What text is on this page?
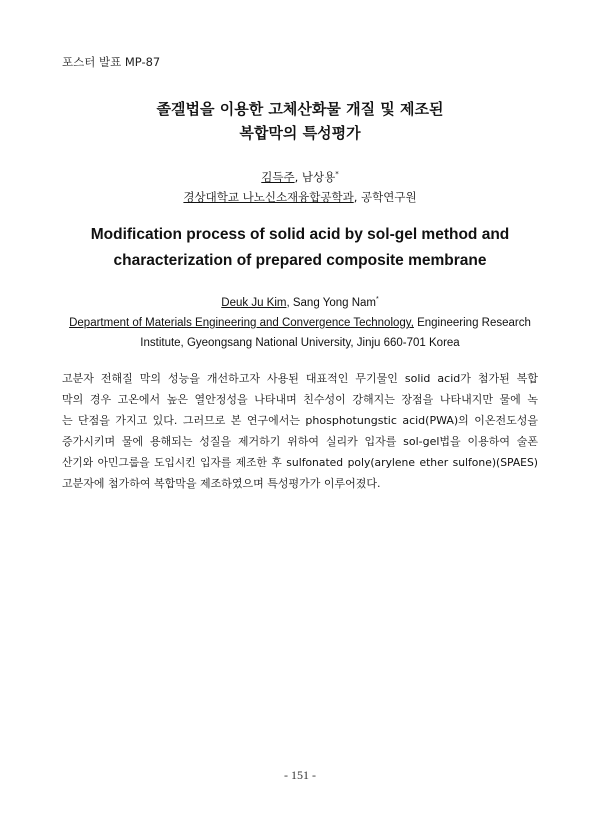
포스터 발표 MP-87
졸겔법을 이용한 고체산화물 개질 및 제조된
복합막의 특성평가
김득주, 남상용*
경상대학교 나노신소재융합공학과, 공학연구원
Modification process of solid acid by sol-gel method and
characterization of prepared composite membrane
Deuk Ju Kim, Sang Yong Nam*
Department of Materials Engineering and Convergence Technology, Engineering Research
Institute, Gyeongsang National University, Jinju 660-701 Korea
고분자 전해질 막의 성능을 개선하고자 사용된 대표적인 무기물인 solid acid가 첨가된 복합
막의 경우 고온에서 높은 열안정성을 나타내며 친수성이 강해지는 장점을 나타내지만 물에 녹
는 단점을 가지고 있다. 그러므로 본 연구에서는 phosphotungstic acid(PWA)의 이온전도성을
증가시키며 물에 용해되는 성질을 제거하기 위하여 실리카 입자를 sol-gel법을 이용하여 술폰
산기와 아민그룹을 도입시킨 입자를 제조한 후 sulfonated poly(arylene ether sulfone)(SPAES)
고분자에 첨가하여 복합막을 제조하였으며 특성평가가 이루어졌다.
- 151 -
